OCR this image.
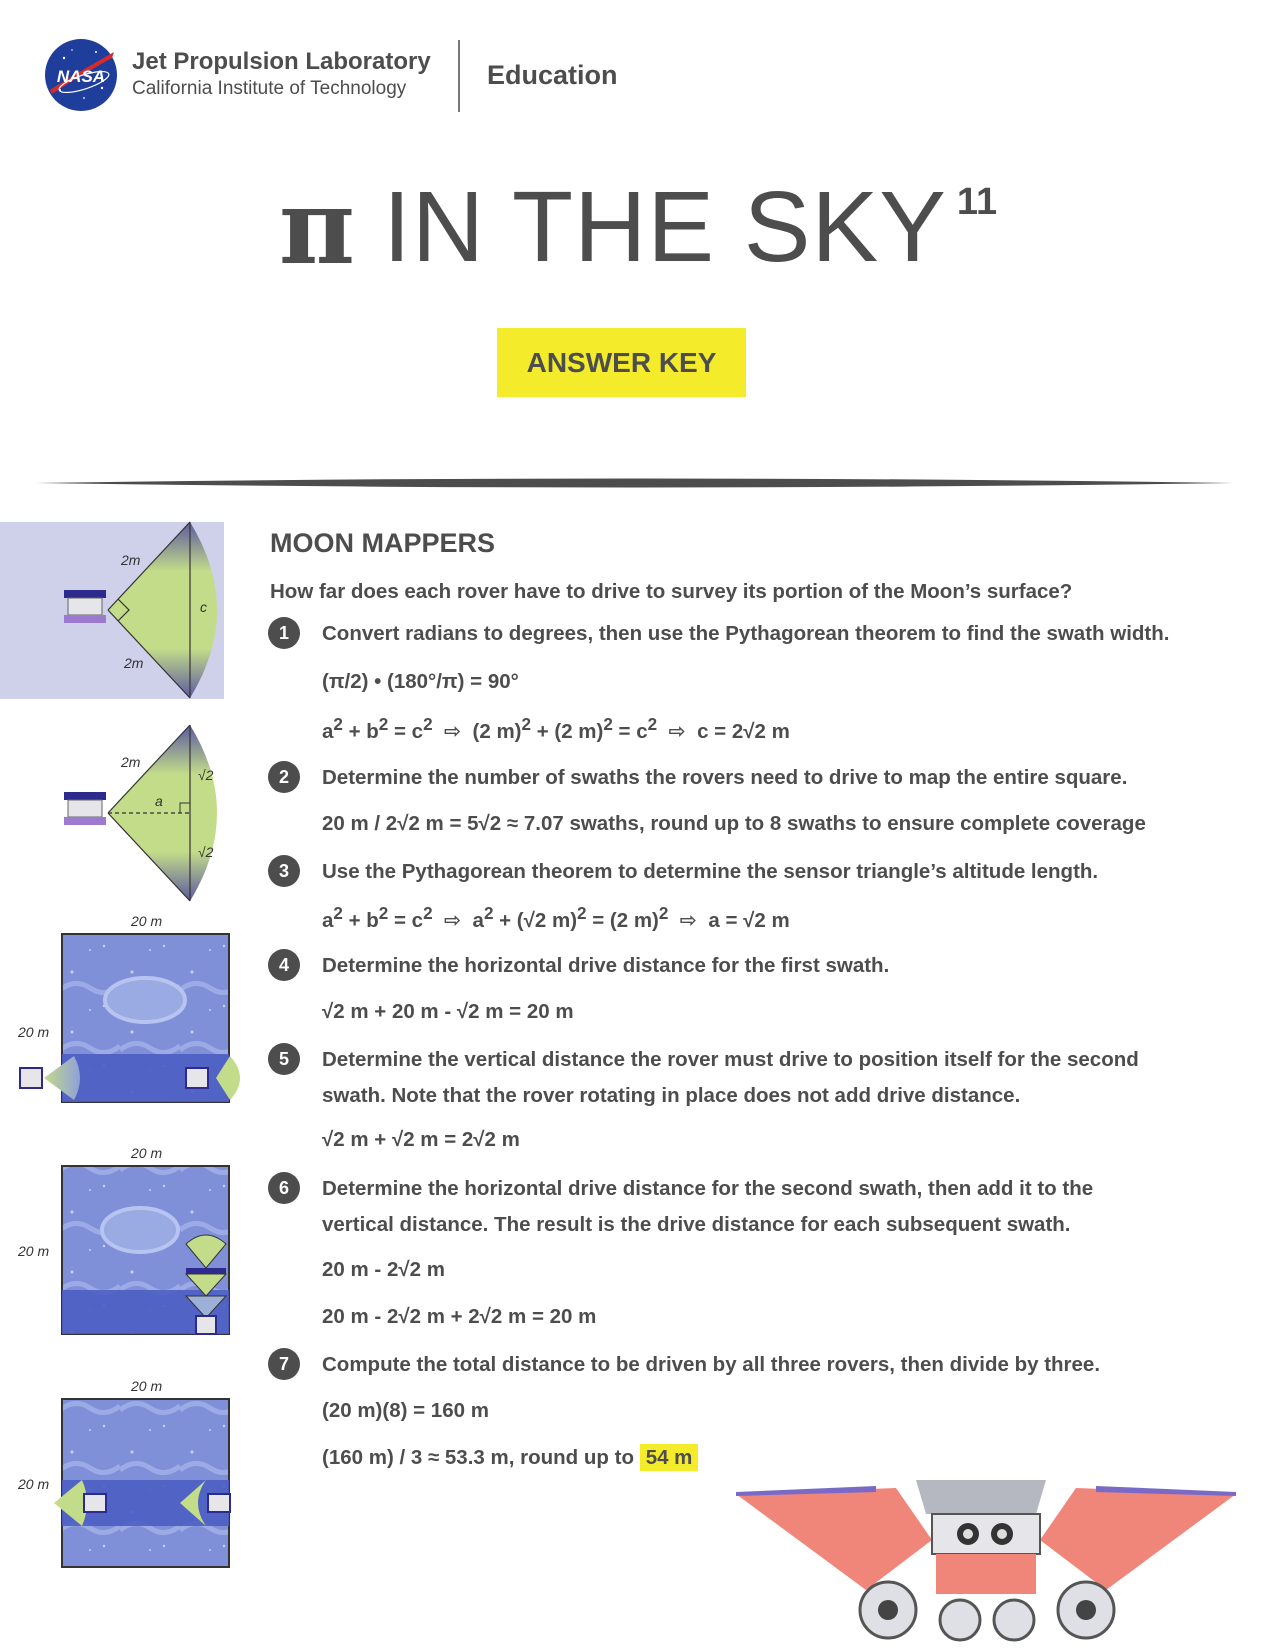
NASA
Jet Propulsion Laboratory
California Institute of Technology	Education
π IN THE SKY 11
ANSWER KEY
2m
2m
c
2m
a
√2
√2
20 m
20 m
20 m
20 m
20 m
20 m
MOON MAPPERS
How far does each rover have to drive to survey its portion of the Moon’s surface?
1	Convert radians to degrees, then use the Pythagorean theorem to find the swath width.
(π/2) • (180°/π) = 90°
$a^2 + b^2 = c^2$  ⇨  (2 m)$^2$ + (2 $m)^2 = c^2$  ⇨  c = 2√2 m
2	Determine the number of swaths the rovers need to drive to map the entire square.
20 m / 2√2 m = 5√2 ≈ 7.07 swaths, round up to 8 swaths to ensure complete coverage
3	Use the Pythagorean theorem to determine the sensor triangle’s altitude length.
$a^2 + b^2 = c^2$  ⇨  $a^2 + (√2$ m)$^2$ = (2 m)$^2$  ⇨  a = √2 m
4	Determine the horizontal drive distance for the first swath.
√2 m + 20 m - √2 m = 20 m
5	Determine the vertical distance the rover must drive to position itself for the second
swath. Note that the rover rotating in place does not add drive distance.
√2 m + √2 m = 2√2 m
6	Determine the horizontal drive distance for the second swath, then add it to the
vertical distance. The result is the drive distance for each subsequent swath.
20 m - 2√2 m
20 m - 2√2 m + 2√2 m = 20 m
7	Compute the total distance to be driven by all three rovers, then divide by three.
(20 m)(8) = 160 m
(160 m) / 3 ≈ 53.3 m, round up to 54 m
